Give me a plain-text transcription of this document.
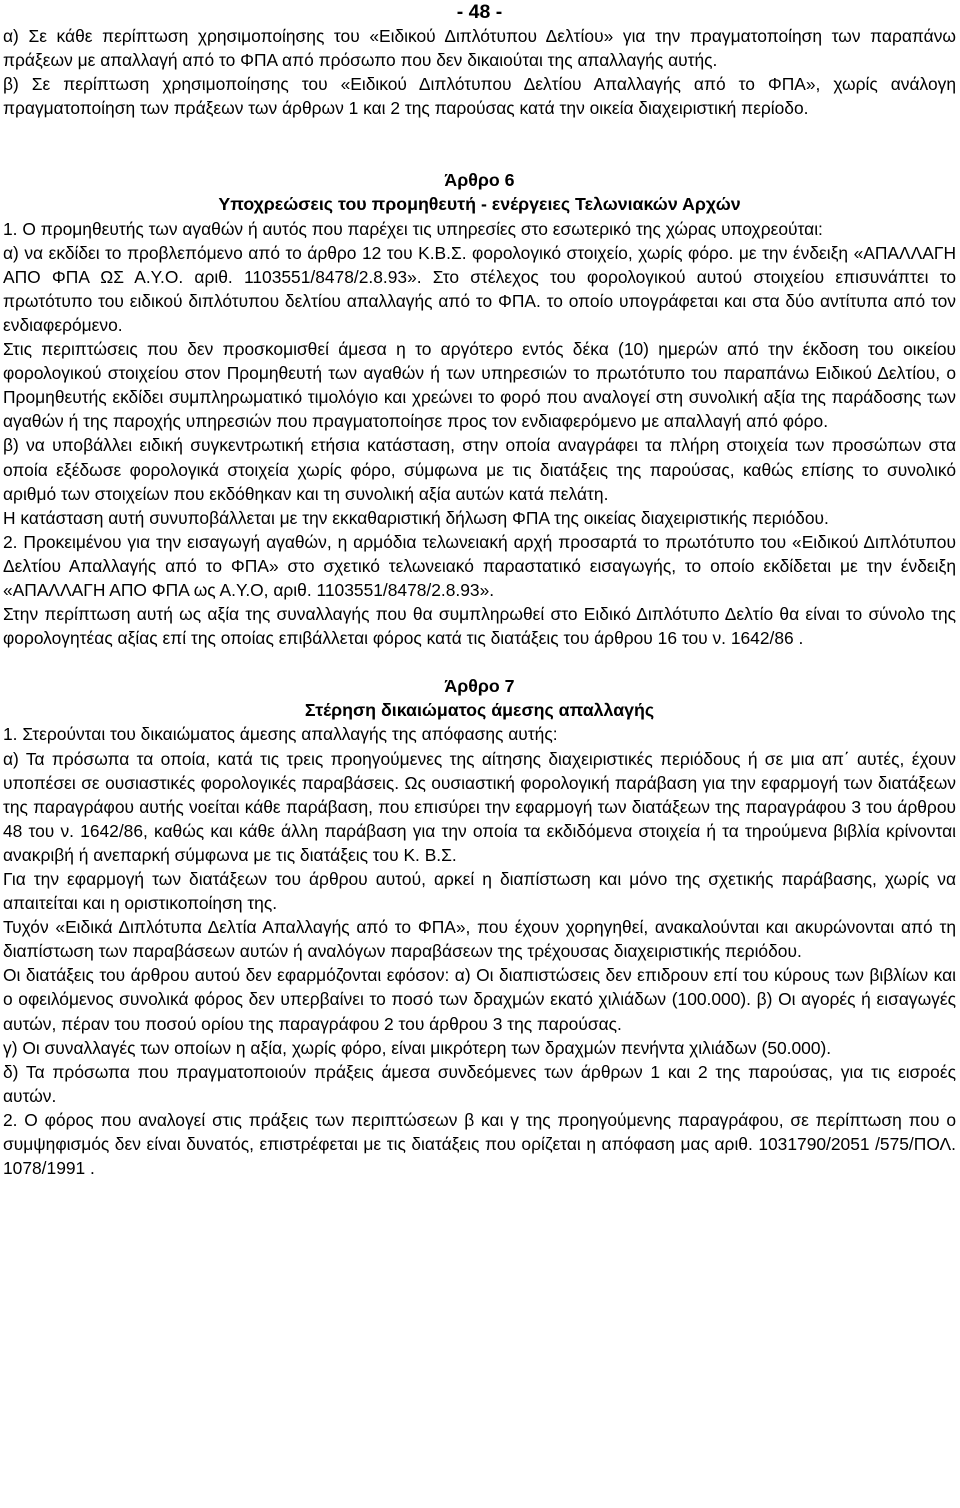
- 48 -

α) Σε κάθε περίπτωση χρησιμοποίησης του «Ειδικού Διπλότυπου Δελτίου» για την πραγματοποίηση των παραπάνω πράξεων με απαλλαγή από το ΦΠΑ από πρόσωπο που δεν δικαιούται της απαλλαγής αυτής.

β) Σε περίπτωση χρησιμοποίησης του «Ειδικού Διπλότυπου Δελτίου Απαλλαγής από το ΦΠΑ», χωρίς ανάλογη πραγματοποίηση των πράξεων των άρθρων 1 και 2 της παρούσας κατά την οικεία διαχειριστική περίοδο.

Άρθρο 6
Υποχρεώσεις του προμηθευτή - ενέργειες Τελωνιακών Αρχών

1. Ο προμηθευτής των αγαθών ή αυτός που παρέχει τις υπηρεσίες στο εσωτερικό της χώρας υποχρεούται:

α) να εκδίδει το προβλεπόμενο από το άρθρο 12 του Κ.Β.Σ. φορολογικό στοιχείο, χωρίς φόρο. με την ένδειξη «ΑΠΑΛΛΑΓΗ ΑΠΟ ΦΠΑ ΩΣ Α.Υ.Ο. αριθ. 1103551/8478/2.8.93». Στο στέλεχος του φορολογικού αυτού στοιχείου επισυνάπτει το πρωτότυπο του ειδικού διπλότυπου δελτίου απαλλαγής από το ΦΠΑ. το οποίο υπογράφεται και στα δύο αντίτυπα από τον ενδιαφερόμενο.

Στις περιπτώσεις που δεν προσκομισθεί άμεσα η το αργότερο εντός δέκα (10) ημερών από την έκδοση του οικείου φορολογικού στοιχείου στον Προμηθευτή των αγαθών ή των υπηρεσιών το πρωτότυπο του παραπάνω Ειδικού Δελτίου, ο Προμηθευτής εκδίδει συμπληρωματικό τιμολόγιο και χρεώνει το φορό που αναλογεί στη συνολική αξία της παράδοσης των αγαθών ή της παροχής υπηρεσιών που πραγματοποίησε προς τον ενδιαφερόμενο με απαλλαγή από φόρο.

β) να υποβάλλει ειδική συγκεντρωτική ετήσια κατάσταση, στην οποία αναγράφει τα πλήρη στοιχεία των προσώπων στα οποία εξέδωσε φορολογικά στοιχεία χωρίς φόρο, σύμφωνα με τις διατάξεις της παρούσας, καθώς επίσης το συνολικό αριθμό των στοιχείων που εκδόθηκαν και τη συνολική αξία αυτών κατά πελάτη.

Η κατάσταση αυτή συνυποβάλλεται με την εκκαθαριστική δήλωση ΦΠΑ της οικείας διαχειριστικής περιόδου.

2. Προκειμένου για την εισαγωγή αγαθών, η αρμόδια τελωνειακή αρχή προσαρτά το πρωτότυπο του «Ειδικού Διπλότυπου Δελτίου Απαλλαγής από το ΦΠΑ» στο σχετικό τελωνειακό παραστατικό εισαγωγής, το οποίο εκδίδεται με την ένδειξη «ΑΠΑΛΛΑΓΗ ΑΠΟ ΦΠΑ ως Α.Υ.Ο, αριθ. 1103551/8478/2.8.93».

Στην περίπτωση αυτή ως αξία της συναλλαγής που θα συμπληρωθεί στο Ειδικό Διπλότυπο Δελτίο θα είναι το σύνολο της φορολογητέας αξίας επί της οποίας επιβάλλεται φόρος κατά τις διατάξεις του άρθρου 16 του ν. 1642/86 .

Άρθρο 7
Στέρηση δικαιώματος άμεσης απαλλαγής

1. Στερούνται του δικαιώματος άμεσης απαλλαγής της απόφασης αυτής:

α) Τα πρόσωπα τα οποία, κατά τις τρεις προηγούμενες της αίτησης διαχειριστικές περιόδους ή σε μια απ΄ αυτές, έχουν υποπέσει σε ουσιαστικές φορολογικές παραβάσεις. Ως ουσιαστική φορολογική παράβαση για την εφαρμογή των διατάξεων της παραγράφου αυτής νοείται κάθε παράβαση, που επισύρει την εφαρμογή των διατάξεων της παραγράφου 3 του άρθρου 48 του ν. 1642/86, καθώς και κάθε άλλη παράβαση για την οποία τα εκδιδόμενα στοιχεία ή τα τηρούμενα βιβλία κρίνονται ανακριβή ή ανεπαρκή σύμφωνα με τις διατάξεις του Κ. Β.Σ.

Για την εφαρμογή των διατάξεων του άρθρου αυτού, αρκεί η διαπίστωση και μόνο της σχετικής παράβασης, χωρίς να απαιτείται και η οριστικοποίηση της.

Τυχόν «Ειδικά Διπλότυπα Δελτία Απαλλαγής από το ΦΠΑ», που έχουν χορηγηθεί, ανακαλούνται και ακυρώνονται από τη διαπίστωση των παραβάσεων αυτών ή αναλόγων παραβάσεων της τρέχουσας διαχειριστικής περιόδου.

Οι διατάξεις του άρθρου αυτού δεν εφαρμόζονται εφόσον: α) Οι διαπιστώσεις δεν επιδρουν επί του κύρους των βιβλίων και ο οφειλόμενος συνολικά φόρος δεν υπερβαίνει το ποσό των δραχμών εκατό χιλιάδων (100.000). β) Οι αγορές ή εισαγωγές αυτών, πέραν του ποσού ορίου της παραγράφου 2 του άρθρου 3 της παρούσας.

γ) Οι συναλλαγές των οποίων η αξία, χωρίς φόρο, είναι μικρότερη των δραχμών πενήντα χιλιάδων (50.000).

δ) Τα πρόσωπα που πραγματοποιούν πράξεις άμεσα συνδεόμενες των άρθρων 1 και 2 της παρούσας, για τις εισροές αυτών.

2. Ο φόρος που αναλογεί στις πράξεις των περιπτώσεων β και γ της προηγούμενης παραγράφου, σε περίπτωση που ο συμψηφισμός δεν είναι δυνατός, επιστρέφεται με τις διατάξεις που ορίζεται η απόφαση μας αριθ. 1031790/2051 /575/ΠΟΛ. 1078/1991 .
